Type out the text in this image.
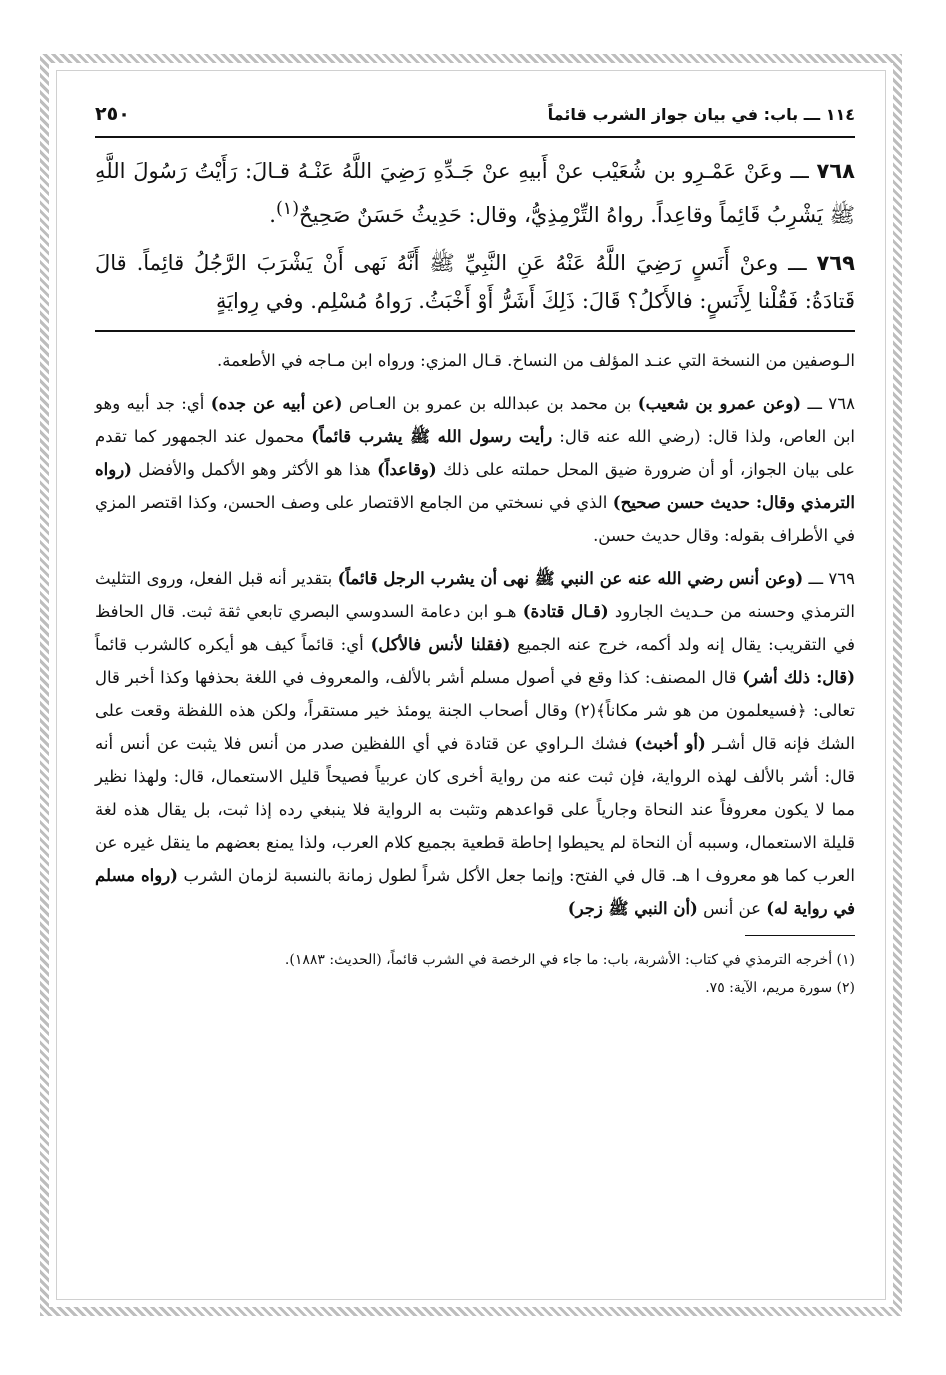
١١٤ ـــ باب: في بيان جواز الشرب قائماً
٢٥٠

٧٦٨ ـــ وعَنْ عَمْـرِو بن شُعَيْب عنْ أَبيهِ عنْ جَـدِّهِ رَضِيَ اللَّهُ عَنْـهُ قـالَ: رَأَيْتُ رَسُولَ اللَّهِ ﷺ يَشْرِبُ قَائِماً وقاعِداً. رواهُ التِّرْمِذِيُّ، وقال: حَدِيثُ حَسَنٌ صَحِيحٌ$^{(١)}$.

٧٦٩ ـــ وعنْ أَنَسٍ رَضِيَ اللَّهُ عَنْهُ عَنِ النَّبِيِّ ﷺ أَنَّهُ نَهى أَنْ يَشْرَبَ الرَّجُلُ قائِماً. قالَ قَتادَةُ: فَقُلْنا لِأَنَسٍ: فالأَكلُ؟ قَالَ: ذَلِكَ أَشَرُّ أَوْ أَخْبَثُ. رَواهُ مُسْلِم. وفي رِوايَةٍ

الـوصفين من النسخة التي عنـد المؤلف من النساخ. قـال المزي: ورواه ابن مـاجه في الأطعمة.

٧٦٨ ـــ (وعن عمرو بن شعيب) بن محمد بن عبدالله بن عمرو بن العـاص (عن أبيه عن جده) أي: جد أبيه وهو ابن العاص، ولذا قال: (رضي الله عنه قال: رأيت رسول الله ﷺ يشرب قائماً) محمول عند الجمهور كما تقدم على بيان الجواز، أو أن ضرورة ضيق المحل حملته على ذلك (وقاعداً) هذا هو الأكثر وهو الأكمل والأفضل (رواه الترمذي وقال: حديث حسن صحيح) الذي في نسختي من الجامع الاقتصار على وصف الحسن، وكذا اقتصر المزي في الأطراف بقوله: وقال حديث حسن.

٧٦٩ ـــ (وعن أنس رضي الله عنه عن النبي ﷺ نهى أن يشرب الرجل قائماً) بتقدير أنه قبل الفعل، وروى التثليث الترمذي وحسنه من حـديث الجارود (قـال قتادة) هـو ابن دعامة السدوسي البصري تابعي ثقة ثبت. قال الحافظ في التقريب: يقال إنه ولد أكمه، خرج عنه الجميع (فقلنا لأنس فالأكل) أي: قائماً كيف هو أيكره كالشرب قائماً (قال: ذلك أشر) قال المصنف: كذا وقع في أصول مسلم أشر بالألف، والمعروف في اللغة بحذفها وكذا أخبر قال تعالى: ﴿فسيعلمون من هو شر مكاناً﴾(٢) وقال أصحاب الجنة يومئذ خير مستقراً، ولكن هذه اللفظة وقعت على الشك فإنه قال أشـر (أو أخبث) فشك الـراوي عن قتادة في أي اللفظين صدر من أنس فلا يثبت عن أنس أنه قال: أشر بالألف لهذه الرواية، فإن ثبت عنه من رواية أخرى كان عربياً فصيحاً قليل الاستعمال، قال: ولهذا نظير مما لا يكون معروفاً عند النحاة وجارياً على قواعدهم وتثبت به الرواية فلا ينبغي رده إذا ثبت، بل يقال هذه لغة قليلة الاستعمال، وسببه أن النحاة لم يحيطوا إحاطة قطعية بجميع كلام العرب، ولذا يمنع بعضهم ما ينقل غيره عن العرب كما هو معروف ا هـ. قال في الفتح: وإنما جعل الأكل شراً لطول زمانة بالنسبة لزمان الشرب (رواه مسلم في رواية له) عن أنس (أن النبي ﷺ زجر)

(١) أخرجه الترمذي في كتاب: الأشربة، باب: ما جاء في الرخصة في الشرب قائماً، (الحديث: ١٨٨٣).

(٢) سورة مريم، الآية: ٧٥.
